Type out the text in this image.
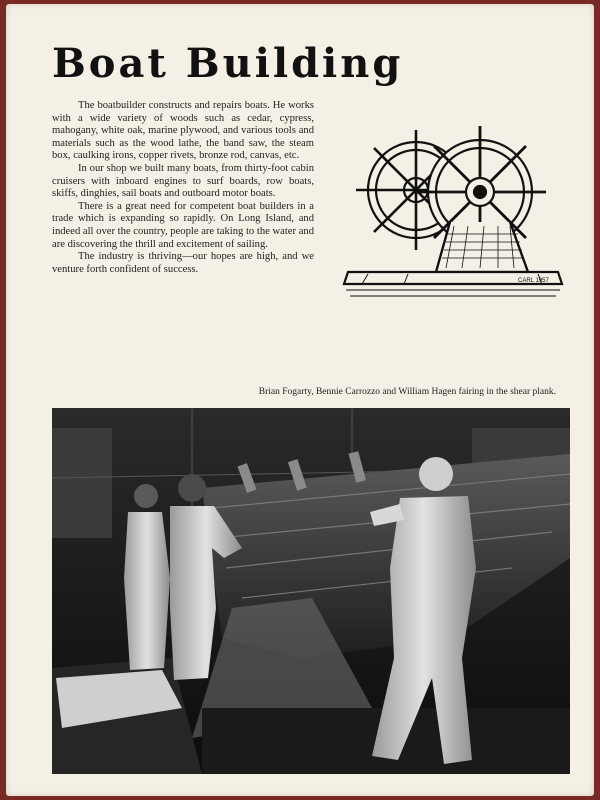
Boat Building

The boatbuilder constructs and repairs boats. He works with a wide variety of woods such as cedar, cypress, mahogany, white oak, marine plywood, and various tools and materials such as the wood lathe, the band saw, the steam box, caulking irons, copper rivets, bronze rod, canvas, etc.

In our shop we built many boats, from thirty-foot cabin cruisers with inboard engines to surf boards, row boats, skiffs, dinghies, sail boats and outboard motor boats.

There is a great need for competent boat builders in a trade which is expanding so rapidly. On Long Island, and indeed all over the country, people are taking to the water and are discovering the thrill and excitement of sailing.

The industry is thriving—our hopes are high, and we venture forth confident of success.

CARL 1957
Brian Fogarty, Bennie Carrozzo and William Hagen fairing in the shear plank.
